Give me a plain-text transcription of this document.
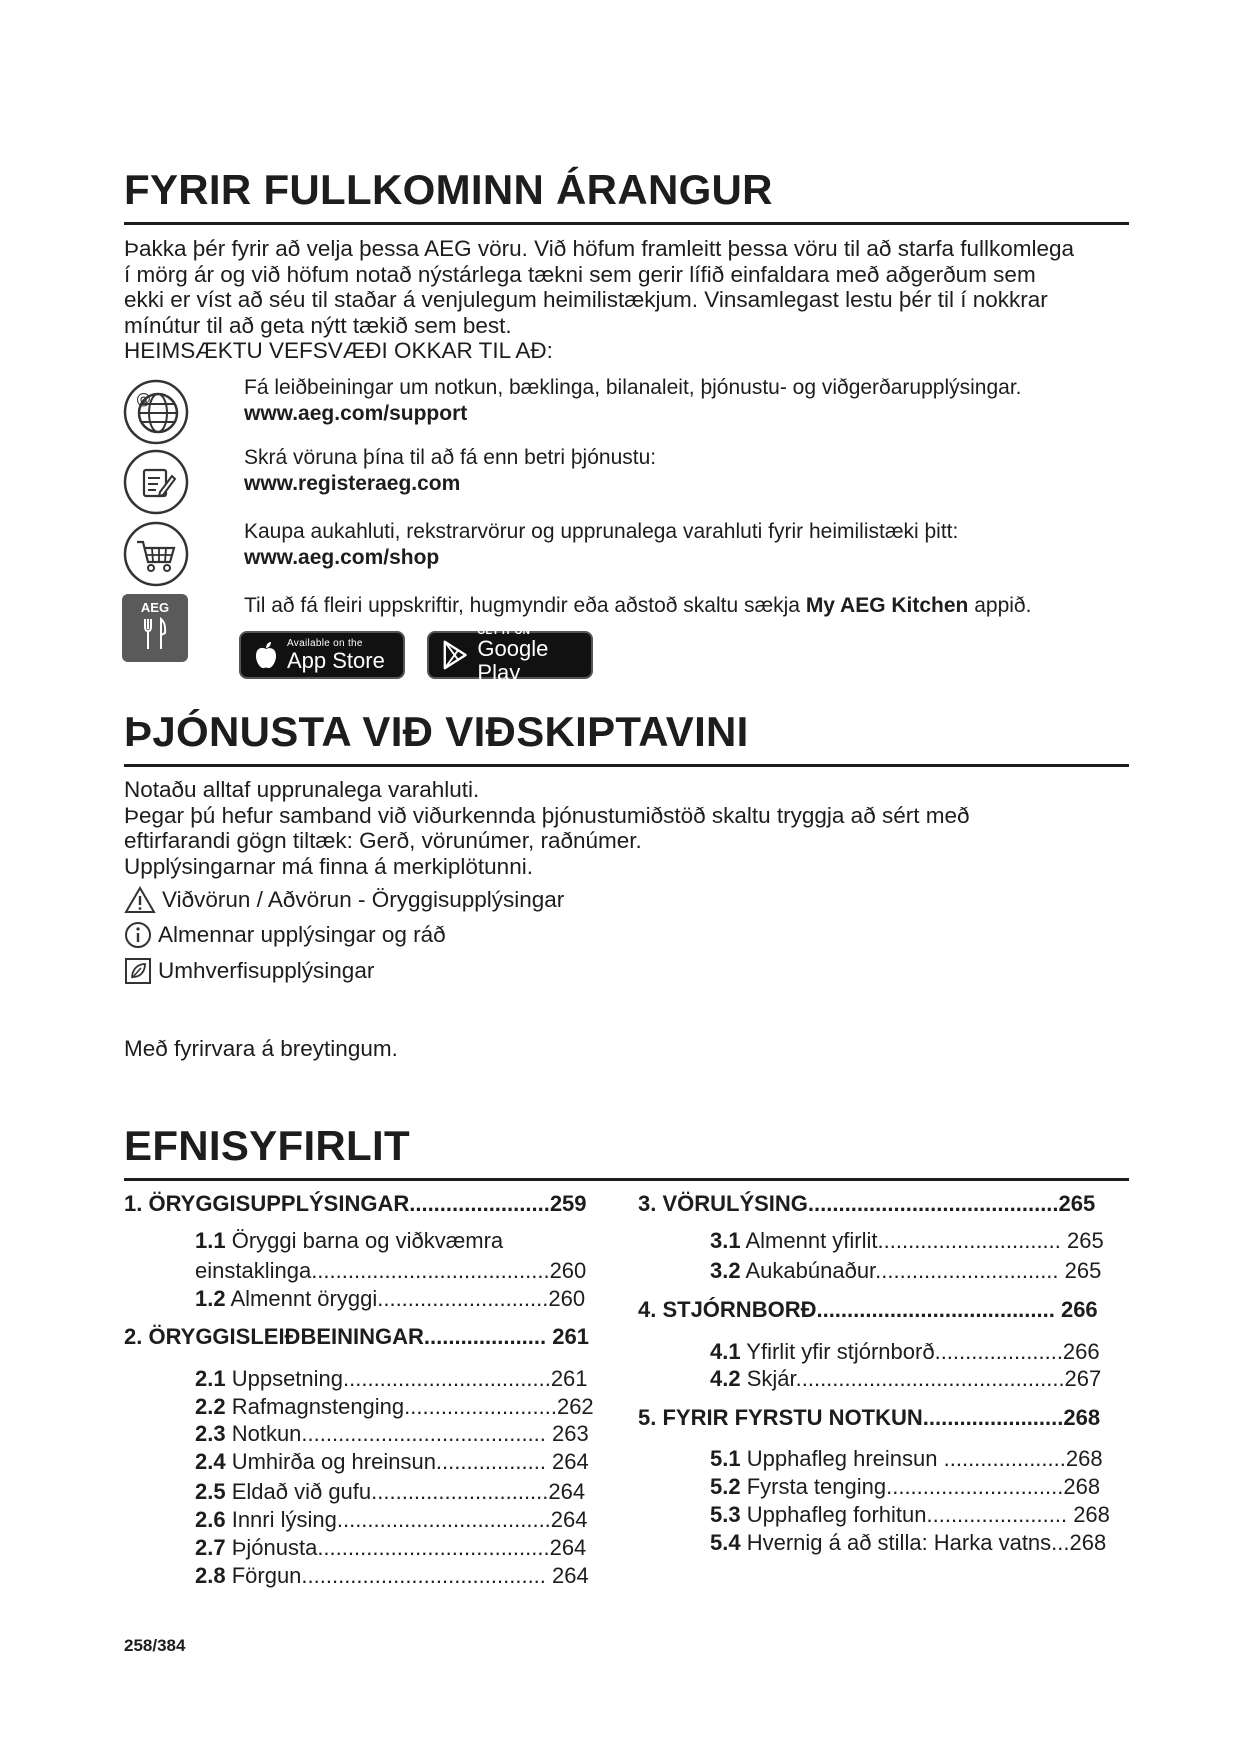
FYRIR FULLKOMINN ÁRANGUR
Þakka þér fyrir að velja þessa AEG vöru. Við höfum framleitt þessa vöru til að starfa fullkomlega
í mörg ár og við höfum notað nýstárlega tækni sem gerir lífið einfaldara með aðgerðum sem
ekki er víst að séu til staðar á venjulegum heimilistækjum. Vinsamlegast lestu þér til í nokkrar
mínútur til að geta nýtt tækið sem best.
HEIMSÆKTU VEFSVÆÐI OKKAR TIL AÐ:
@	Fá leiðbeiningar um notkun, bæklinga, bilanaleit, þjónustu- og viðgerðarupplýsingar.
www.aeg.com/support
Skrá vöruna þína til að fá enn betri þjónustu:
www.registeraeg.com
Kaupa aukahluti, rekstrarvörur og upprunalega varahluti fyrir heimilistæki þitt:
www.aeg.com/shop
AEG	Til að fá fleiri uppskriftir, hugmyndir eða aðstoð skaltu sækja My AEG Kitchen appið.
Available on the
App Store
GET IT ON
Google Play
ÞJÓNUSTA VIÐ VIÐSKIPTAVINI
Notaðu alltaf upprunalega varahluti.
Þegar þú hefur samband við viðurkennda þjónustumiðstöð skaltu tryggja að sért með
eftirfarandi gögn tiltæk: Gerð, vörunúmer, raðnúmer.
Upplýsingarnar má finna á merkiplötunni.
Viðvörun / Aðvörun - Öryggisupplýsingar
Almennar upplýsingar og ráð
Umhverfisupplýsingar
Með fyrirvara á breytingum.
EFNISYFIRLIT
1. ÖRYGGISUPPLÝSINGAR.......................259
1.1 Öryggi barna og viðkvæmra
einstaklinga.......................................260
1.2 Almennt öryggi............................260
2. ÖRYGGISLEIÐBEININGAR.................... 261
2.1 Uppsetning..................................261
2.2 Rafmagnstenging.........................262
2.3 Notkun........................................ 263
2.4 Umhirða og hreinsun.................. 264
2.5 Eldað við gufu.............................264
2.6 Innri lýsing...................................264
2.7 Þjónusta......................................264
2.8 Förgun........................................ 264
3. VÖRULÝSING.........................................265
3.1 Almennt yfirlit.............................. 265
3.2 Aukabúnaður.............................. 265
4. STJÓRNBORÐ....................................... 266
4.1 Yfirlit yfir stjórnborð.....................266
4.2 Skjár............................................267
5. FYRIR FYRSTU NOTKUN.......................268
5.1 Upphafleg hreinsun ....................268
5.2 Fyrsta tenging.............................268
5.3 Upphafleg forhitun....................... 268
5.4 Hvernig á að stilla: Harka vatns...268
258/384
